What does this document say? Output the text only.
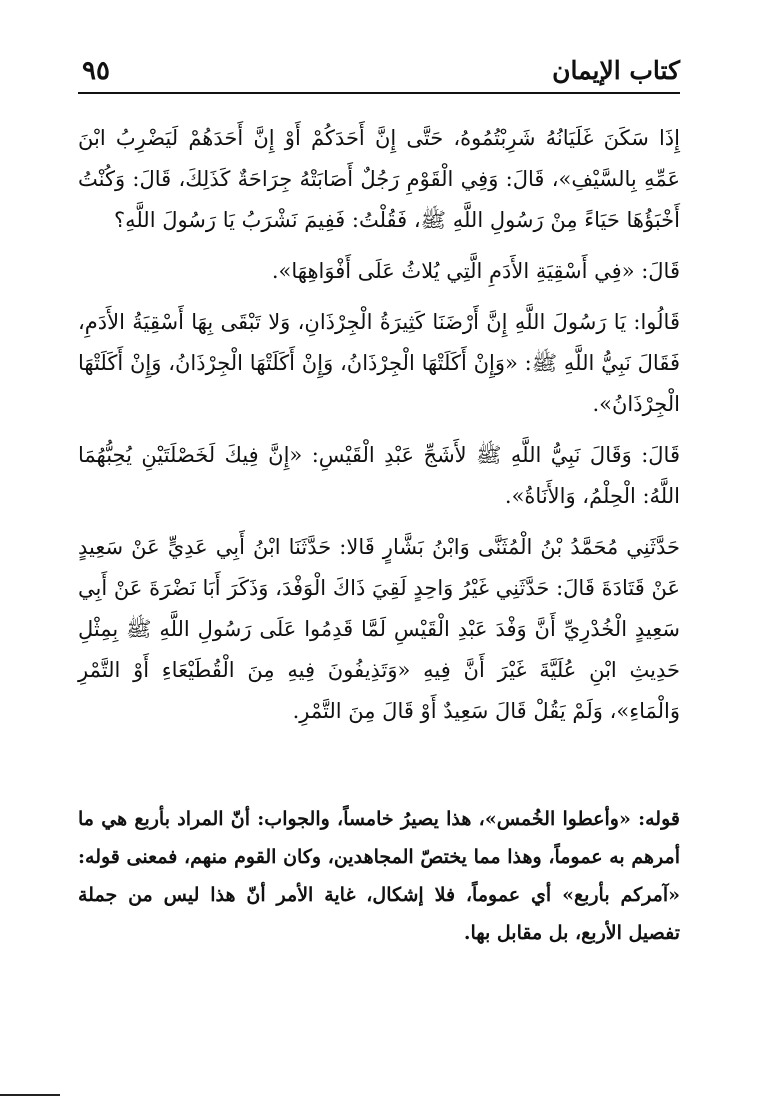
كتاب الإيمان
٩٥

إِذَا سَكَنَ غَلَيَانُهُ شَرِبْتُمُوهُ، حَتَّى إِنَّ أَحَدَكُمْ أَوْ إِنَّ أَحَدَهُمْ لَيَضْرِبُ ابْنَ عَمِّهِ بِالسَّيْفِ»، قَالَ: وَفِي الْقَوْمِ رَجُلٌ أَصَابَتْهُ جِرَاحَةٌ كَذَلِكَ، قَالَ: وَكُنْتُ أَخْبَؤُهَا حَيَاءً مِنْ رَسُولِ اللَّهِ ﷺ، فَقُلْتُ: فَفِيمَ نَشْرَبُ يَا رَسُولَ اللَّهِ؟

قَالَ: «فِي أَسْقِيَةِ الأَدَمِ الَّتِي يُلاثُ عَلَى أَفْوَاهِهَا».

قَالُوا: يَا رَسُولَ اللَّهِ إِنَّ أَرْضَنَا كَثِيرَةُ الْجِرْذَانِ، وَلا تَبْقَى بِهَا أَسْقِيَةُ الأَدَمِ، فَقَالَ نَبِيُّ اللَّهِ ﷺ: «وَإِنْ أَكَلَتْهَا الْجِرْذَانُ، وَإِنْ أَكَلَتْهَا الْجِرْذَانُ، وَإِنْ أَكَلَتْهَا الْجِرْذَانُ».

قَالَ: وَقَالَ نَبِيُّ اللَّهِ ﷺ لأَشَجِّ عَبْدِ الْقَيْسِ: «إِنَّ فِيكَ لَخَصْلَتَيْنِ يُحِبُّهُمَا اللَّهُ: الْحِلْمُ، وَالأَنَاةُ».

حَدَّثَنِي مُحَمَّدُ بْنُ الْمُثَنَّى وَابْنُ بَشَّارٍ قَالا: حَدَّثَنَا ابْنُ أَبِي عَدِيٍّ عَنْ سَعِيدٍ عَنْ قَتَادَةَ قَالَ: حَدَّثَنِي غَيْرُ وَاحِدٍ لَقِيَ ذَاكَ الْوَفْدَ، وَذَكَرَ أَبَا نَضْرَةَ عَنْ أَبِي سَعِيدٍ الْخُدْرِيِّ أَنَّ وَفْدَ عَبْدِ الْقَيْسِ لَمَّا قَدِمُوا عَلَى رَسُولِ اللَّهِ ﷺ بِمِثْلِ حَدِيثِ ابْنِ عُلَيَّةَ غَيْرَ أَنَّ فِيهِ «وَتَذِيفُونَ فِيهِ مِنَ الْقُطَيْعَاءِ أَوْ التَّمْرِ وَالْمَاءِ»، وَلَمْ يَقُلْ قَالَ سَعِيدٌ أَوْ قَالَ مِنَ التَّمْرِ.

قوله: «وأعطوا الخُمس»، هذا يصيرُ خامساً، والجواب: أنّ المراد بأربع هي ما أمرهم به عموماً، وهذا مما يختصّ المجاهدين، وكان القوم منهم، فمعنى قوله: «آمركم بأربع» أي عموماً، فلا إشكال، غاية الأمر أنّ هذا ليس من جملة تفصيل الأربع، بل مقابل بها.
